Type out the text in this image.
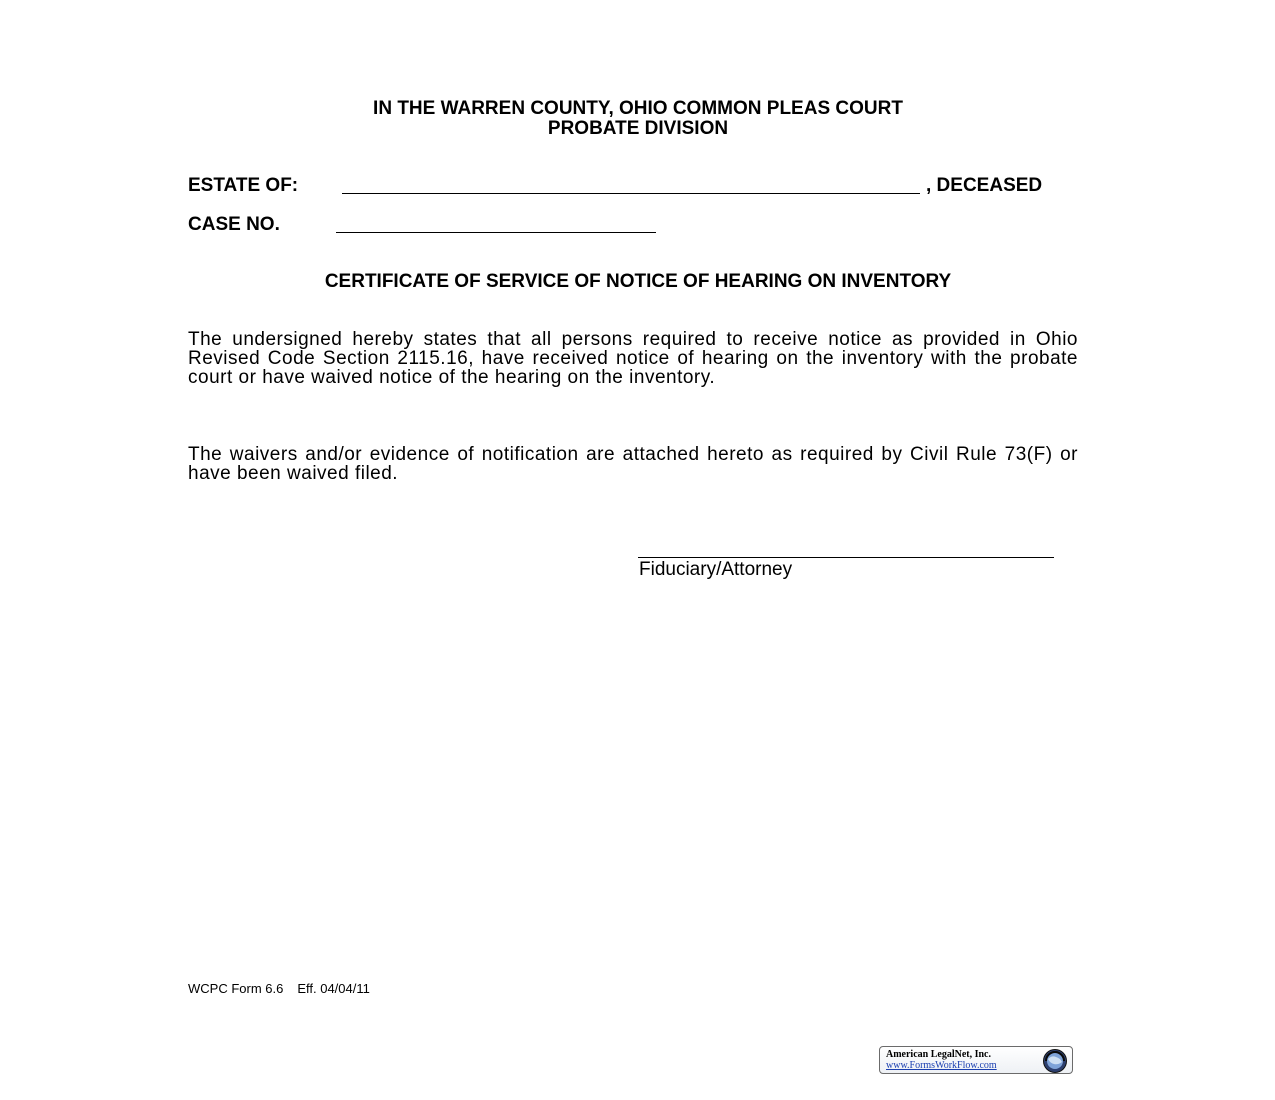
IN THE WARREN COUNTY, OHIO COMMON PLEAS COURT
PROBATE DIVISION
ESTATE OF:	, DECEASED
CASE NO.
CERTIFICATE OF SERVICE OF NOTICE OF HEARING ON INVENTORY
The undersigned hereby states that all persons required to receive notice as provided in Ohio Revised Code Section 2115.16, have received notice of hearing on the inventory with the probate court or have waived notice of the hearing on the inventory.
The waivers and/or evidence of notification are attached hereto as required by Civil Rule 73(F) or have been waived filed.
Fiduciary/Attorney
WCPC Form 6.6 Eff. 04/04/11
American LegalNet, Inc.
www.FormsWorkFlow.com
